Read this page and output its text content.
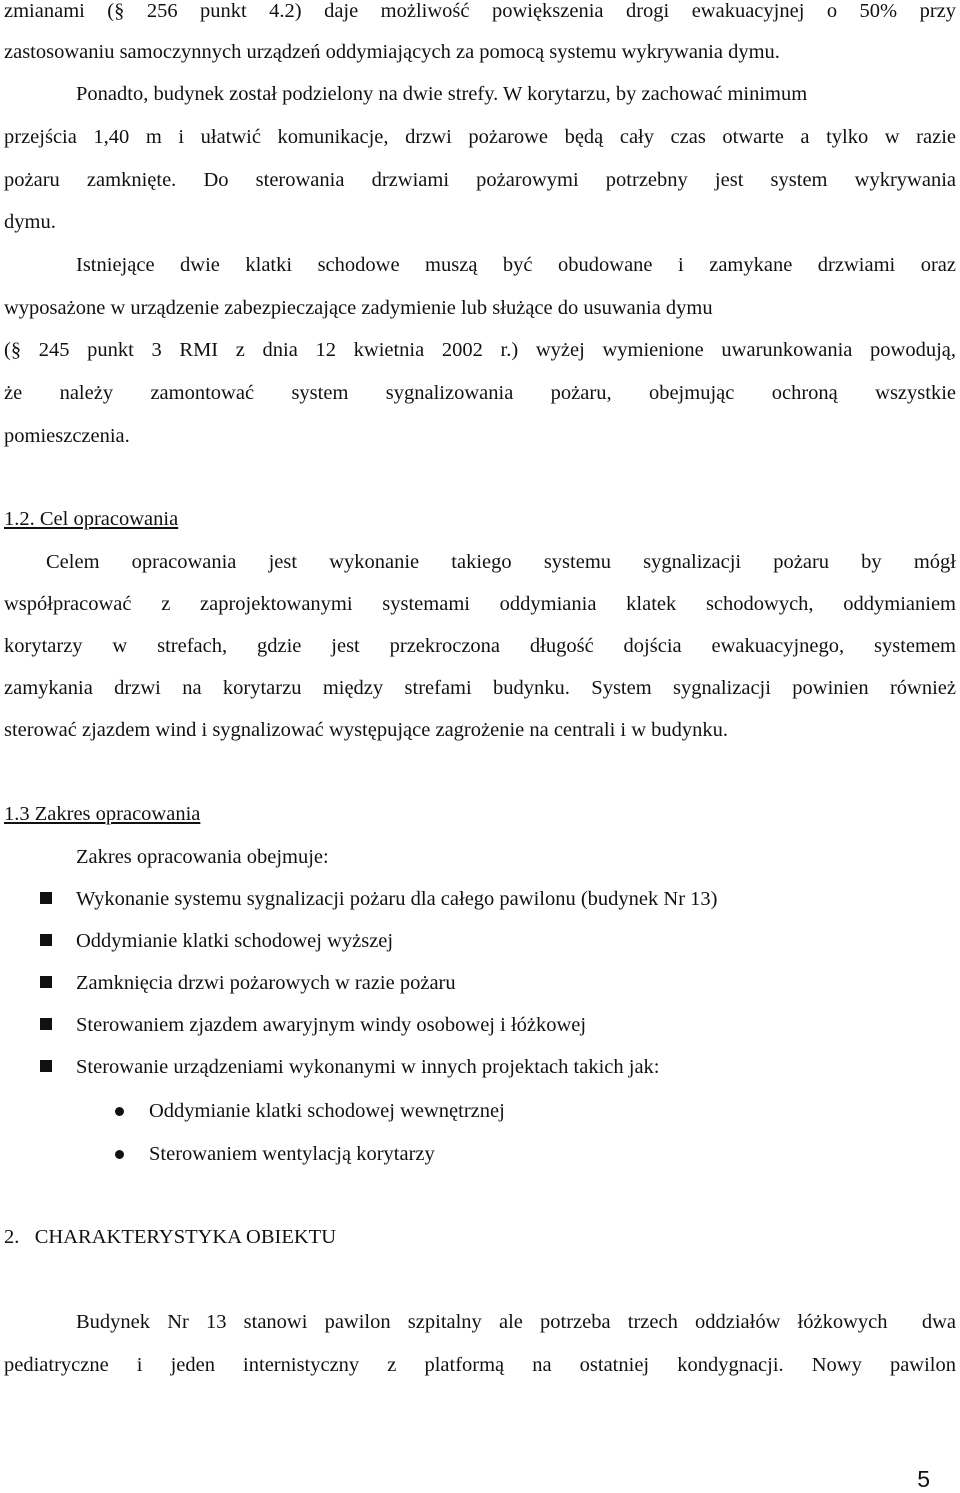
zmianami (§ 256 punkt 4.2) daje możliwość powiększenia drogi ewakuacyjnej o 50% przy
zastosowaniu samoczynnych urządzeń oddymiających za pomocą systemu wykrywania dymu.
Ponadto, budynek został podzielony na dwie strefy. W korytarzu, by zachować minimum
przejścia 1,40 m i ułatwić komunikacje, drzwi pożarowe będą cały czas otwarte a tylko w razie
pożaru zamknięte. Do sterowania drzwiami pożarowymi potrzebny jest system wykrywania
dymu.
Istniejące dwie klatki schodowe muszą być obudowane i zamykane drzwiami oraz
wyposażone w urządzenie zabezpieczające zadymienie lub służące do usuwania dymu
(§ 245 punkt 3 RMI z dnia 12 kwietnia 2002 r.) wyżej wymienione uwarunkowania powodują,
że należy zamontować system sygnalizowania pożaru, obejmując ochroną wszystkie
pomieszczenia.
1.2. Cel opracowania
Celem opracowania jest wykonanie takiego systemu sygnalizacji pożaru by mógł
współpracować z zaprojektowanymi systemami oddymiania klatek schodowych, oddymianiem
korytarzy w strefach, gdzie jest przekroczona długość dojścia ewakuacyjnego, systemem
zamykania drzwi na korytarzu między strefami budynku. System sygnalizacji powinien również
sterować zjazdem wind i sygnalizować występujące zagrożenie na centrali i w budynku.
1.3 Zakres opracowania
Zakres opracowania obejmuje:
Wykonanie systemu sygnalizacji pożaru dla całego pawilonu (budynek Nr 13)
Oddymianie klatki schodowej wyższej
Zamknięcia drzwi pożarowych w razie pożaru
Sterowaniem zjazdem awaryjnym windy osobowej i łóżkowej
Sterowanie urządzeniami wykonanymi w innych projektach takich jak:
Oddymianie klatki schodowej wewnętrznej
Sterowaniem wentylacją korytarzy
2.   CHARAKTERYSTYKA OBIEKTU
Budynek Nr 13 stanowi pawilon szpitalny ale potrzeba trzech oddziałów łóżkowych  dwa
pediatryczne i jeden internistyczny z platformą na ostatniej kondygnacji. Nowy pawilon
5
